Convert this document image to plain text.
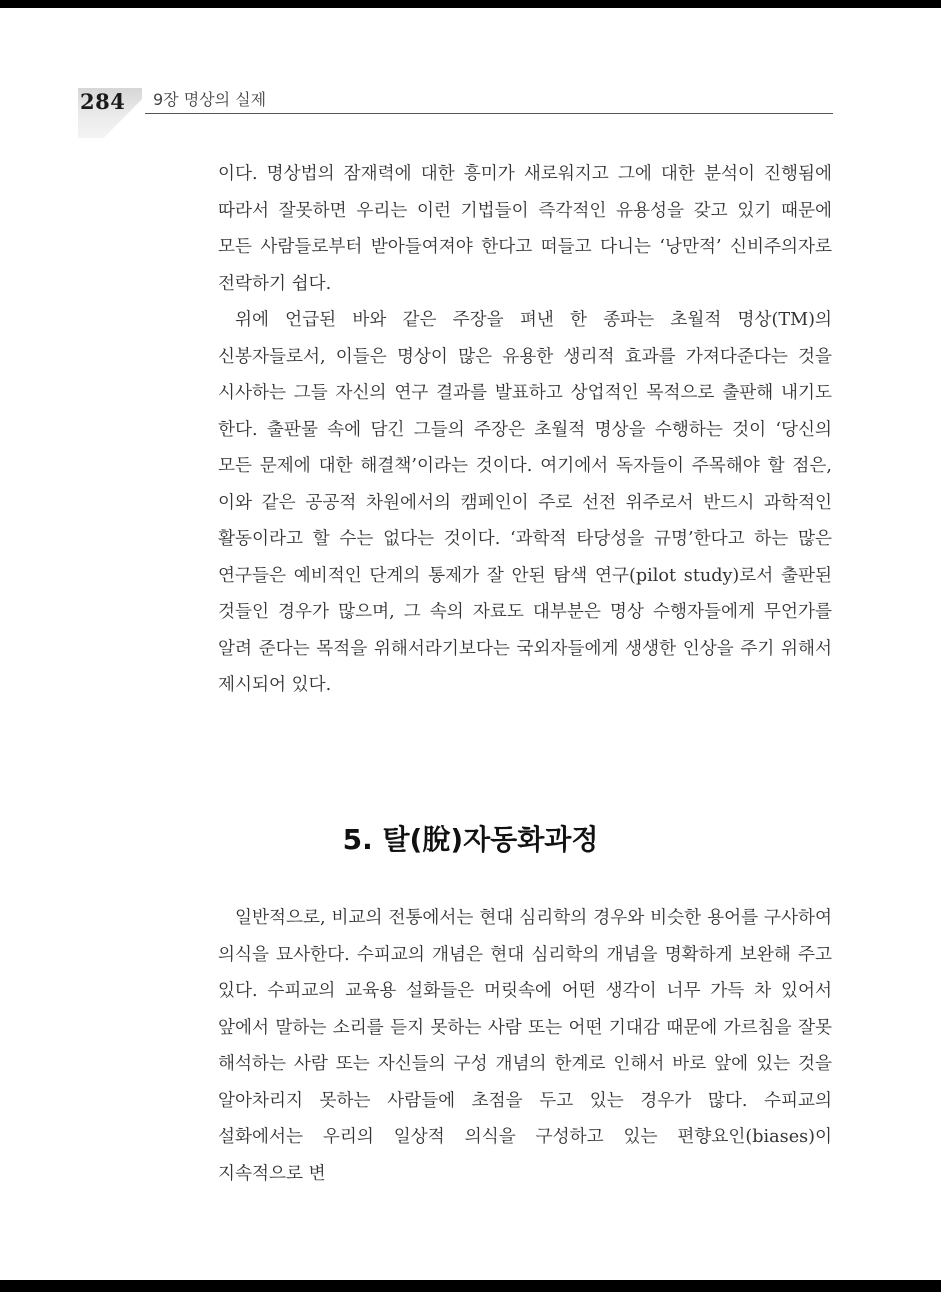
284 9장 명상의 실제

이다. 명상법의 잠재력에 대한 흥미가 새로워지고 그에 대한 분석이 진행됨에 따라서 잘못하면 우리는 이런 기법들이 즉각적인 유용성을 갖고 있기 때문에 모든 사람들로부터 받아들여져야 한다고 떠들고 다니는 ‘낭만적’ 신비주의자로 전락하기 쉽다.

위에 언급된 바와 같은 주장을 펴낸 한 종파는 초월적 명상(TM)의 신봉자들로서, 이들은 명상이 많은 유용한 생리적 효과를 가져다준다는 것을 시사하는 그들 자신의 연구 결과를 발표하고 상업적인 목적으로 출판해 내기도 한다. 출판물 속에 담긴 그들의 주장은 초월적 명상을 수행하는 것이 ‘당신의 모든 문제에 대한 해결책’이라는 것이다. 여기에서 독자들이 주목해야 할 점은, 이와 같은 공공적 차원에서의 캠페인이 주로 선전 위주로서 반드시 과학적인 활동이라고 할 수는 없다는 것이다. ‘과학적 타당성을 규명’한다고 하는 많은 연구들은 예비적인 단계의 통제가 잘 안된 탐색 연구(pilot study)로서 출판된 것들인 경우가 많으며, 그 속의 자료도 대부분은 명상 수행자들에게 무언가를 알려 준다는 목적을 위해서라기보다는 국외자들에게 생생한 인상을 주기 위해서 제시되어 있다.

5. 탈(脫)자동화과정

일반적으로, 비교의 전통에서는 현대 심리학의 경우와 비슷한 용어를 구사하여 의식을 묘사한다. 수피교의 개념은 현대 심리학의 개념을 명확하게 보완해 주고 있다. 수피교의 교육용 설화들은 머릿속에 어떤 생각이 너무 가득 차 있어서 앞에서 말하는 소리를 듣지 못하는 사람 또는 어떤 기대감 때문에 가르침을 잘못 해석하는 사람 또는 자신들의 구성 개념의 한계로 인해서 바로 앞에 있는 것을 알아차리지 못하는 사람들에 초점을 두고 있는 경우가 많다. 수피교의 설화에서는 우리의 일상적 의식을 구성하고 있는 편향요인(biases)이 지속적으로 변
